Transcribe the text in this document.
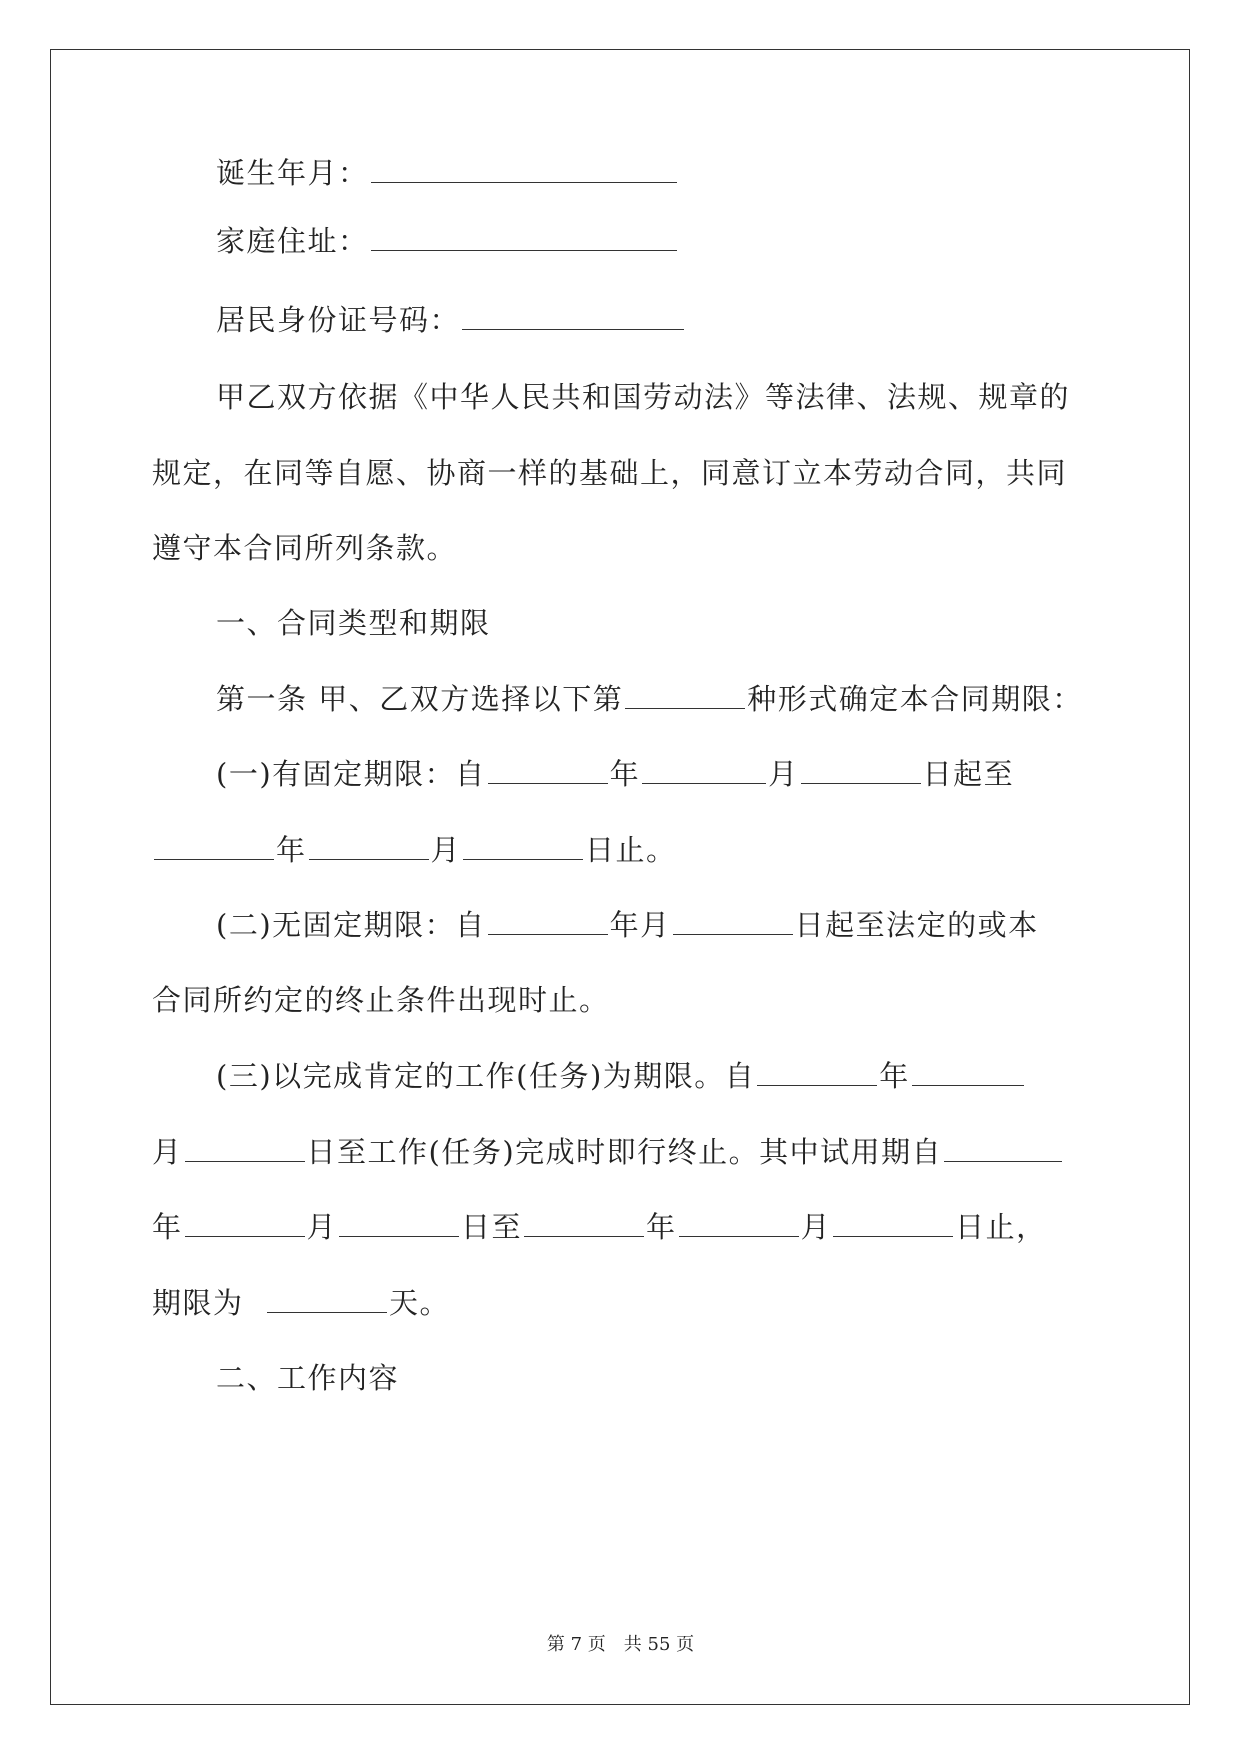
诞生年月：
家庭住址：
居民身份证号码：
甲乙双方依据《中华人民共和国劳动法》等法律、法规、规章的
规定，在同等自愿、协商一样的基础上，同意订立本劳动合同，共同
遵守本合同所列条款。
一、合同类型和期限
第一条 甲、乙双方选择以下第	种形式确定本合同期限：
(一)有固定期限：自	年	月	日起至
年	月	日止。
(二)无固定期限：自	年月	日起至法定的或本
合同所约定的终止条件出现时止。
(三)以完成肯定的工作(任务)为期限。自	年
月	日至工作(任务)完成时即行终止。其中试用期自
年	月	日至	年	月	日止，
期限为	天。
二、工作内容
第 7 页　共 55 页
